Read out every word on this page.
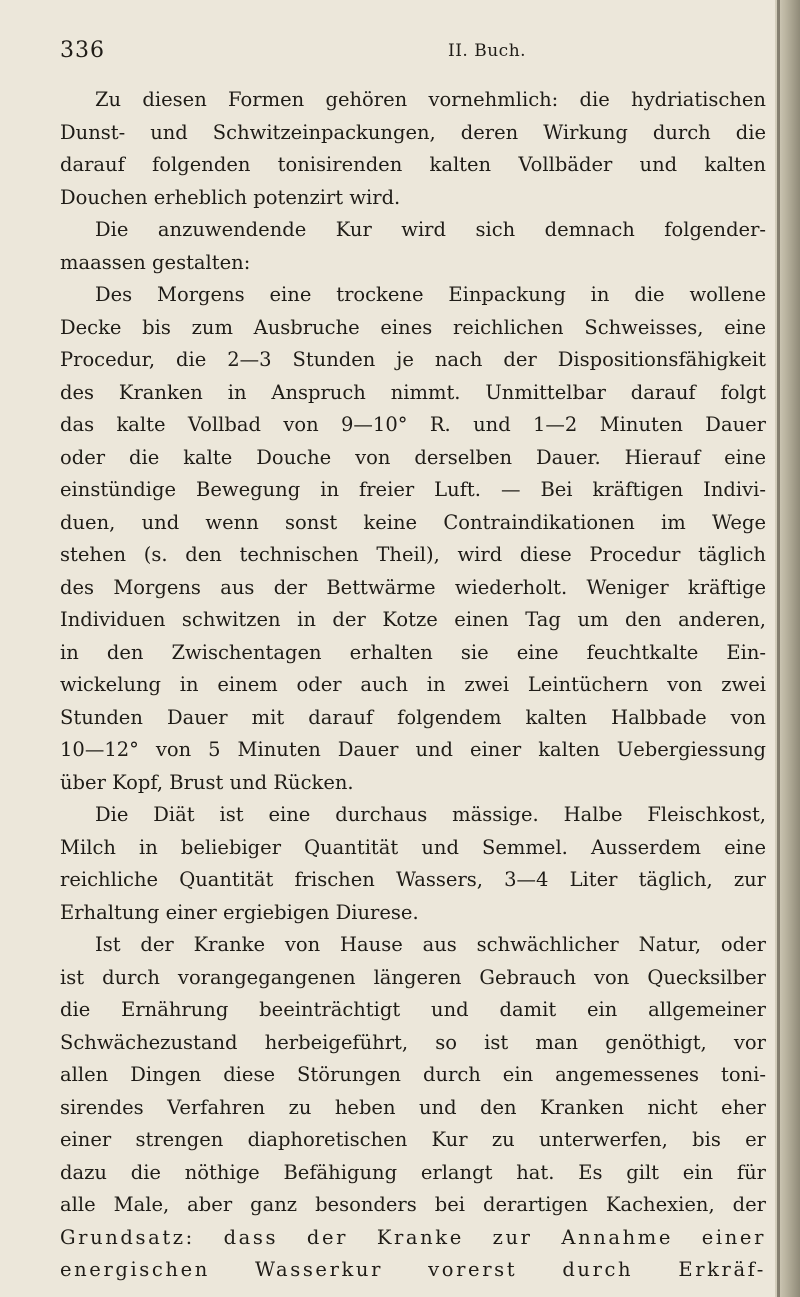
336	II. Buch.
Zu diesen Formen gehören vornehmlich: die hydriatischen
Dunst- und Schwitzeinpackungen, deren Wirkung durch die
darauf folgenden tonisirenden kalten Vollbäder und kalten
Douchen erheblich potenzirt wird.
Die anzuwendende Kur wird sich demnach folgender-
maassen gestalten:
Des Morgens eine trockene Einpackung in die wollene
Decke bis zum Ausbruche eines reichlichen Schweisses, eine
Procedur, die 2—3 Stunden je nach der Dispositionsfähigkeit
des Kranken in Anspruch nimmt. Unmittelbar darauf folgt
das kalte Vollbad von 9—10° R. und 1—2 Minuten Dauer
oder die kalte Douche von derselben Dauer. Hierauf eine
einstündige Bewegung in freier Luft. — Bei kräftigen Indivi-
duen, und wenn sonst keine Contraindikationen im Wege
stehen (s. den technischen Theil), wird diese Procedur täglich
des Morgens aus der Bettwärme wiederholt. Weniger kräftige
Individuen schwitzen in der Kotze einen Tag um den anderen,
in den Zwischentagen erhalten sie eine feuchtkalte Ein-
wickelung in einem oder auch in zwei Leintüchern von zwei
Stunden Dauer mit darauf folgendem kalten Halbbade von
10—12° von 5 Minuten Dauer und einer kalten Uebergiessung
über Kopf, Brust und Rücken.
Die Diät ist eine durchaus mässige. Halbe Fleischkost,
Milch in beliebiger Quantität und Semmel. Ausserdem eine
reichliche Quantität frischen Wassers, 3—4 Liter täglich, zur
Erhaltung einer ergiebigen Diurese.
Ist der Kranke von Hause aus schwächlicher Natur, oder
ist durch vorangegangenen längeren Gebrauch von Quecksilber
die Ernährung beeinträchtigt und damit ein allgemeiner
Schwächezustand herbeigeführt, so ist man genöthigt, vor
allen Dingen diese Störungen durch ein angemessenes toni-
sirendes Verfahren zu heben und den Kranken nicht eher
einer strengen diaphoretischen Kur zu unterwerfen, bis er
dazu die nöthige Befähigung erlangt hat. Es gilt ein für
alle Male, aber ganz besonders bei derartigen Kachexien, der
Grundsatz: dass der Kranke zur Annahme einer
energischen Wasserkur vorerst durch Erkräf-
